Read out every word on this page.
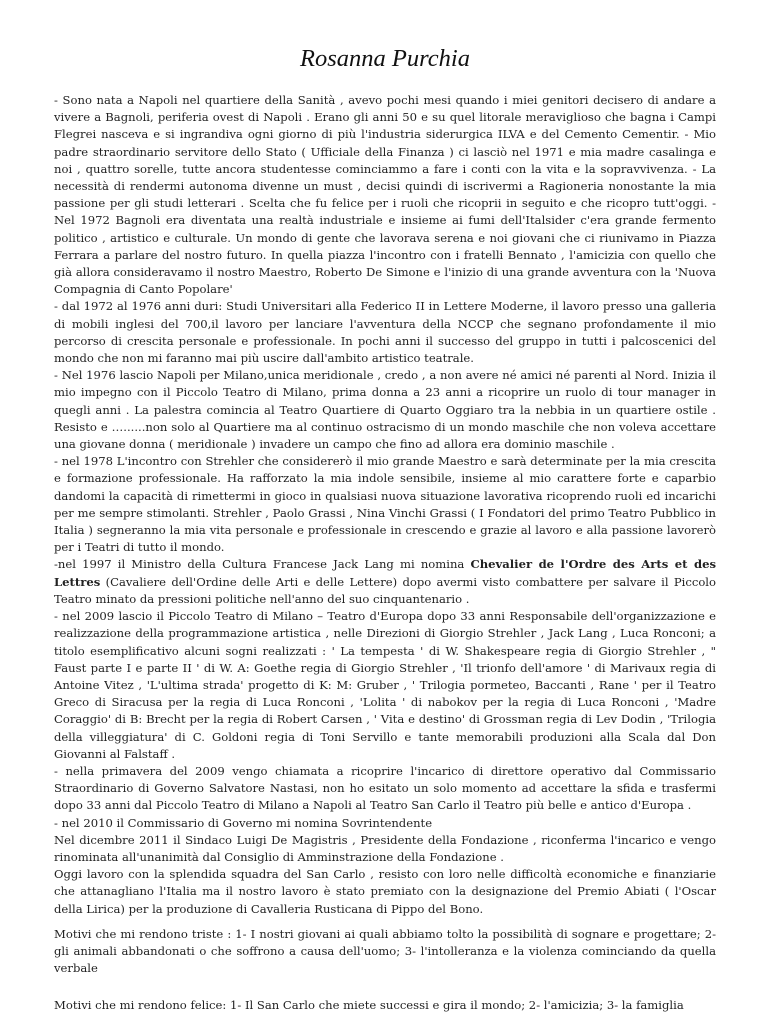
Rosanna Purchia

- Sono nata a Napoli nel quartiere della Sanità , avevo pochi mesi quando i miei genitori decisero di andare a vivere a Bagnoli, periferia ovest di Napoli . Erano gli anni 50 e su quel litorale meraviglioso che bagna i Campi Flegrei nasceva e si ingrandiva ogni giorno di più l'industria siderurgica ILVA e del Cemento Cementir. - Mio padre straordinario servitore dello Stato ( Ufficiale della Finanza ) ci lasciò nel 1971 e mia madre casalinga e noi , quattro sorelle, tutte ancora studentesse cominciammo a fare i conti con la vita e la sopravvivenza. - La necessità di rendermi autonoma divenne un must , decisi quindi di iscrivermi a Ragioneria nonostante la mia passione per gli studi letterari . Scelta che fu felice per i ruoli che ricoprii in seguito e che ricopro tutt'oggi. - Nel 1972 Bagnoli era diventata una realtà industriale e insieme ai fumi dell'Italsider c'era grande fermento politico , artistico e culturale. Un mondo di gente che lavorava serena e noi giovani che ci riunivamo in Piazza Ferrara a parlare del nostro futuro. In quella piazza l'incontro con i fratelli Bennato , l'amicizia con quello che già allora consideravamo il nostro Maestro, Roberto De Simone e l'inizio di una grande avventura con la 'Nuova Compagnia di Canto Popolare'

- dal 1972 al 1976 anni duri: Studi Universitari alla Federico II in Lettere Moderne, il lavoro presso una galleria di mobili inglesi del 700,il lavoro per lanciare l'avventura della NCCP che segnano profondamente il mio percorso di crescita personale e professionale. In pochi anni il successo del gruppo in tutti i palcoscenici del mondo che non mi faranno mai più uscire dall'ambito artistico teatrale.

- Nel 1976 lascio Napoli per Milano,unica meridionale , credo , a non avere né amici né parenti al Nord. Inizia il mio impegno con il Piccolo Teatro di Milano, prima donna a 23 anni a ricoprire un ruolo di tour manager in quegli anni . La palestra comincia al Teatro Quartiere di Quarto Oggiaro tra la nebbia in un quartiere ostile . Resisto e …......non solo al Quartiere ma al continuo ostracismo di un mondo maschile che non voleva accettare una giovane donna ( meridionale ) invadere un campo che fino ad allora era dominio maschile .

- nel 1978 L'incontro con Strehler che considererò il mio grande Maestro e sarà determinate per la mia crescita e formazione professionale. Ha rafforzato la mia indole sensibile, insieme al mio carattere forte e caparbio dandomi la capacità di rimettermi in gioco in qualsiasi nuova situazione lavorativa ricoprendo ruoli ed incarichi per me sempre stimolanti. Strehler , Paolo Grassi , Nina Vinchi Grassi ( I Fondatori del primo Teatro Pubblico in Italia ) segneranno la mia vita personale e professionale in crescendo e grazie al lavoro e alla passione lavorerò per i Teatri di tutto il mondo.

-nel 1997 il Ministro della Cultura Francese Jack Lang mi nomina Chevalier de l'Ordre des Arts et des Lettres (Cavaliere dell'Ordine delle Arti e delle Lettere) dopo avermi visto combattere per salvare il Piccolo Teatro minato da pressioni politiche nell'anno del suo cinquantenario .

- nel 2009 lascio il Piccolo Teatro di Milano – Teatro d'Europa dopo 33 anni Responsabile dell'organizzazione e realizzazione della programmazione artistica , nelle Direzioni di Giorgio Strehler , Jack Lang , Luca Ronconi; a titolo esemplificativo alcuni sogni realizzati : ' La tempesta ' di W. Shakespeare regia di Giorgio Strehler , " Faust parte I e parte II ' di W. A: Goethe regia di Giorgio Strehler , 'Il trionfo dell'amore ' di Marivaux regia di Antoine Vitez , 'L'ultima strada' progetto di K: M: Gruber , ' Trilogia pormeteo, Baccanti , Rane ' per il Teatro Greco di Siracusa per la regia di Luca Ronconi , 'Lolita ' di nabokov per la regia di Luca Ronconi , 'Madre Coraggio' di B: Brecht per la regia di Robert Carsen , ' Vita e destino' di Grossman regia di Lev Dodin , 'Trilogia della villeggiatura' di C. Goldoni regia di Toni Servillo e tante memorabili produzioni alla Scala dal Don Giovanni al Falstaff .

- nella primavera del 2009 vengo chiamata a ricoprire l'incarico di direttore operativo dal Commissario Straordinario di Governo Salvatore Nastasi, non ho esitato un solo momento ad accettare la sfida e trasfermi dopo 33 anni dal Piccolo Teatro di Milano a Napoli al Teatro San Carlo il Teatro più belle e antico d'Europa .

- nel 2010 il Commissario di Governo mi nomina Sovrintendente

Nel dicembre 2011 il Sindaco Luigi De Magistris , Presidente della Fondazione , riconferma l'incarico e vengo rinominata all'unanimità dal Consiglio di Amminstrazione della Fondazione .

Oggi lavoro con la splendida squadra del San Carlo , resisto con loro nelle difficoltà economiche e finanziarie che attanagliano l'Italia ma il nostro lavoro è stato premiato con la designazione del Premio Abiati ( l'Oscar della Lirica) per la produzione di Cavalleria Rusticana di Pippo del Bono.

Motivi che mi rendono triste : 1- I nostri giovani ai quali abbiamo tolto la possibilità di sognare e progettare; 2- gli animali abbandonati o che soffrono a causa dell'uomo; 3- l'intolleranza e la violenza cominciando da quella verbale

Motivi che mi rendono felice: 1- Il San Carlo che miete successi e gira il mondo; 2- l'amicizia; 3- la famiglia
